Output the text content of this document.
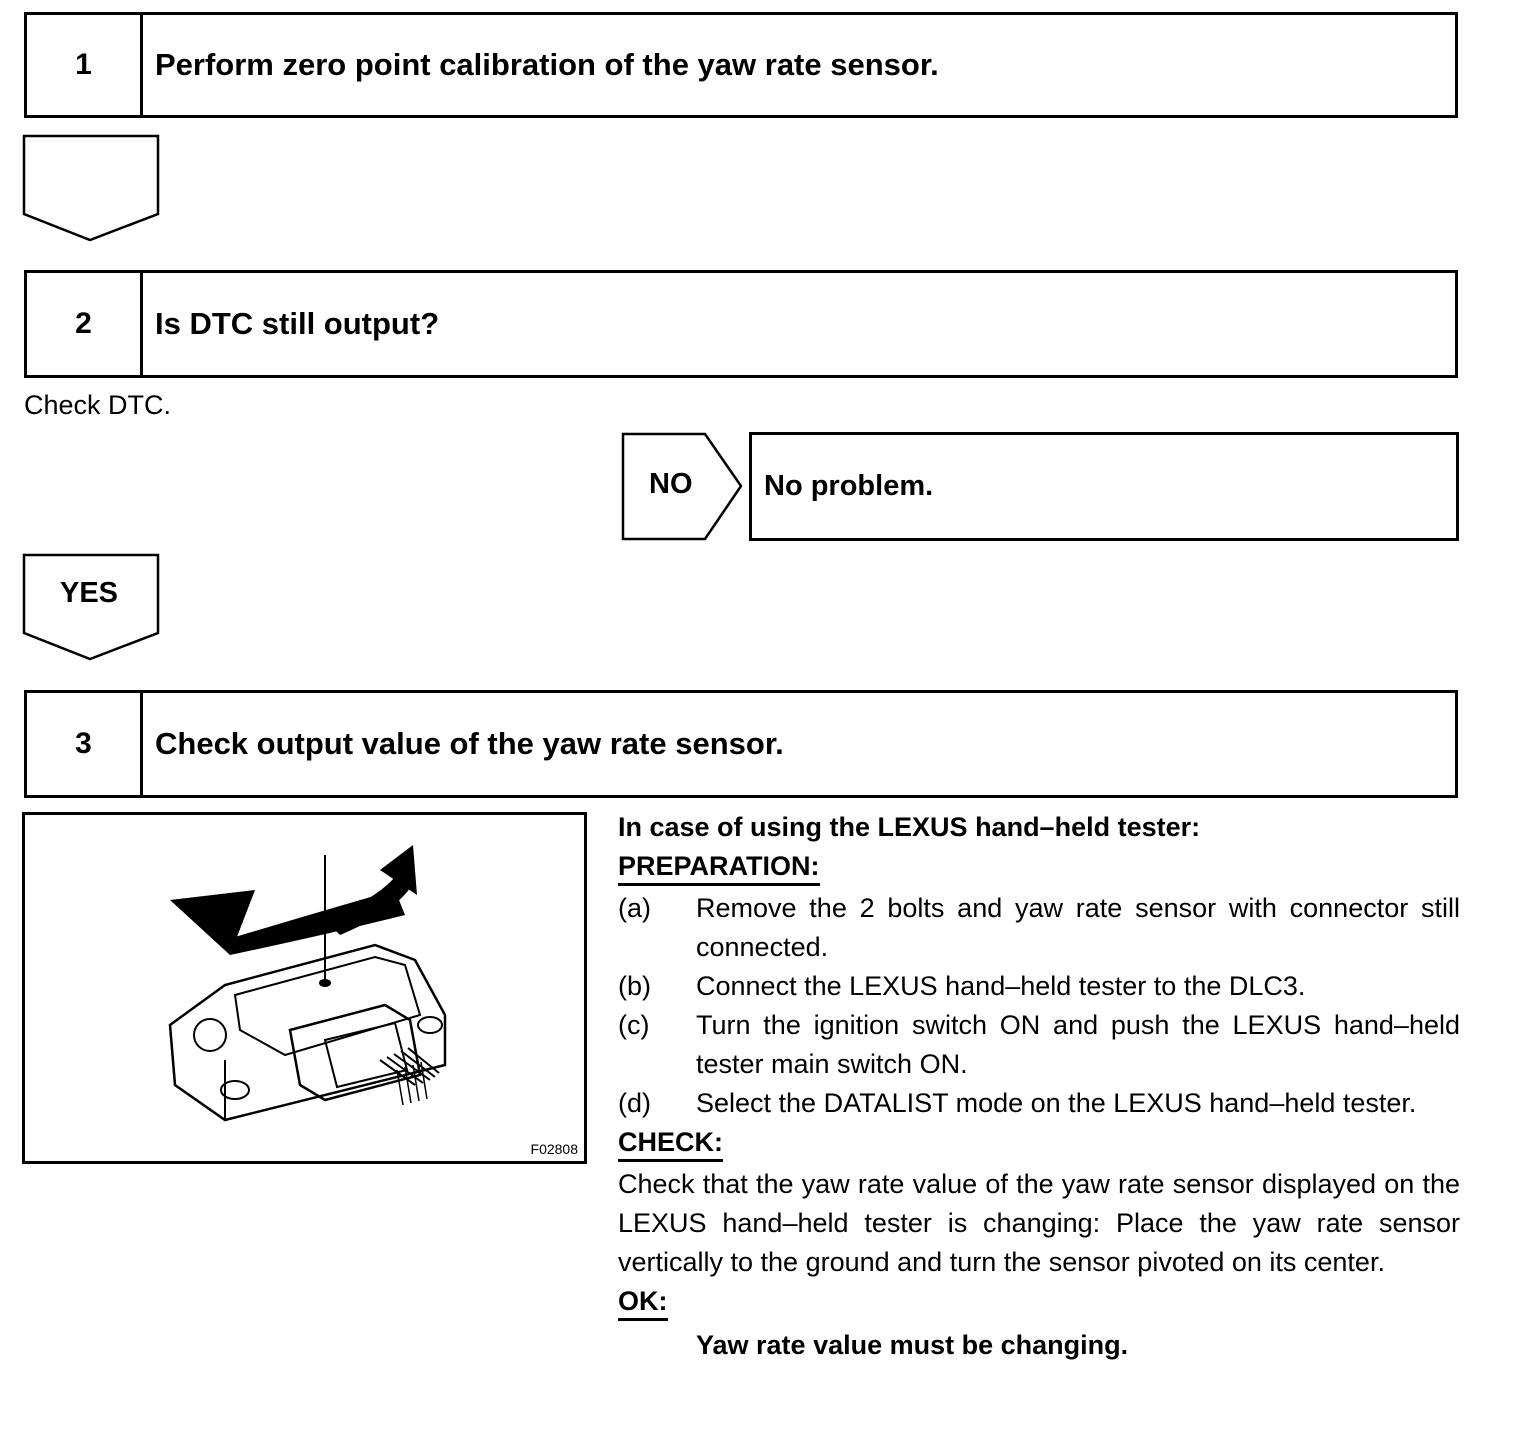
1	Perform zero point calibration of the yaw rate sensor.
2	Is DTC still output?
Check DTC.
NO	No problem.
YES
3	Check output value of the yaw rate sensor.
F02808
In case of using the LEXUS hand–held tester:
PREPARATION:
(a)	Remove the 2 bolts and yaw rate sensor with connector still connected.
(b)	Connect the LEXUS hand–held tester to the DLC3.
(c)	Turn the ignition switch ON and push the LEXUS hand–held tester main switch ON.
(d)	Select the DATALIST mode on the LEXUS hand–held tester.
CHECK:
Check that the yaw rate value of the yaw rate sensor displayed on the LEXUS hand–held tester is changing: Place the yaw rate sensor vertically to the ground and turn the sensor pivoted on its center.
OK:
Yaw rate value must be changing.
